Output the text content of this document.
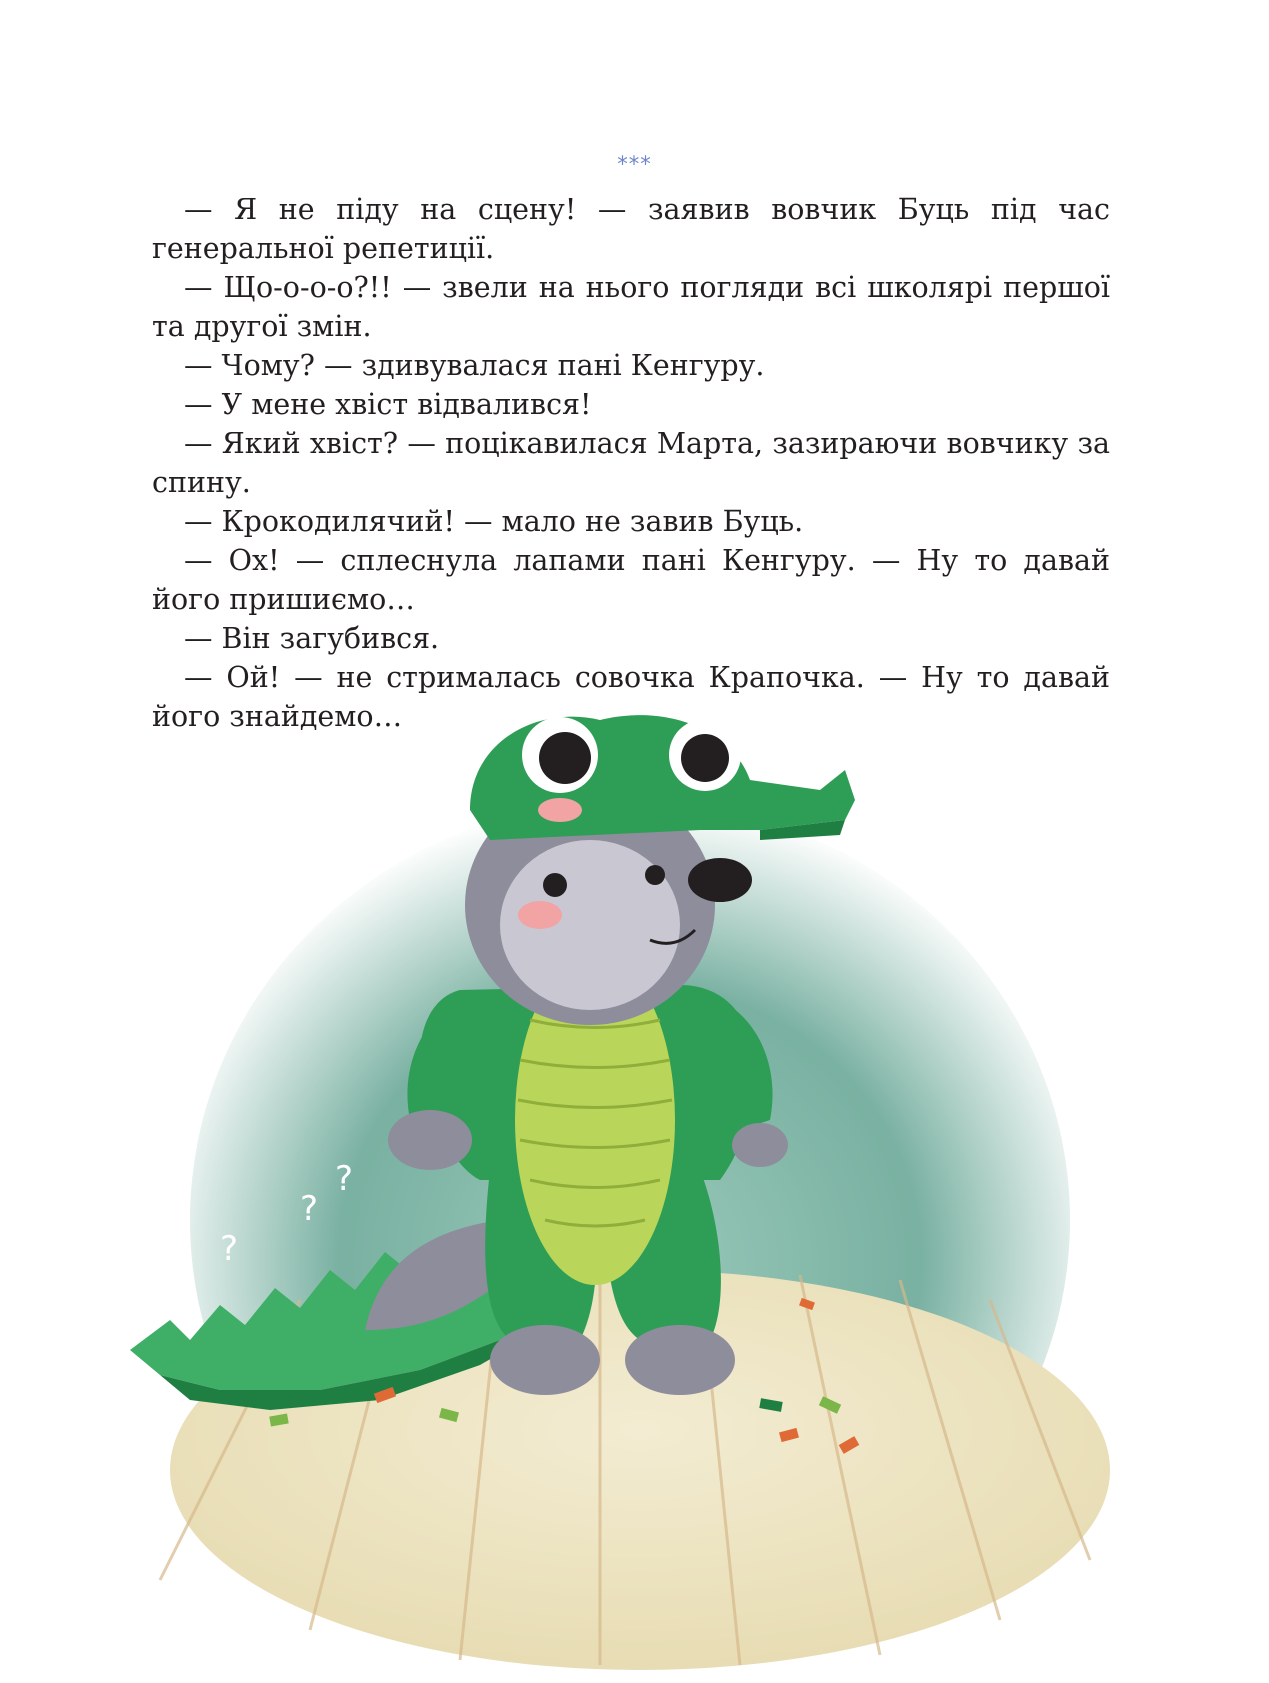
***

— Я не піду на сцену! — заявив вовчик Буць під час генеральної репетиції.

— Що-о-о-о?!! — звели на нього погляди всі школярі першої та другої змін.

— Чому? — здивувалася пані Кенгуру.

— У мене хвіст відвалився!

— Який хвіст? — поцікавилася Марта, зазираючи вовчику за спину.

— Крокодилячий! — мало не завив Буць.

— Ох! — сплеснула лапами пані Кенгуру. — Ну то давай його пришиємо…

— Він загубився.

— Ой! — не стрималась совочка Крапочка. — Ну то давай його знайдемо…

?
?
?
